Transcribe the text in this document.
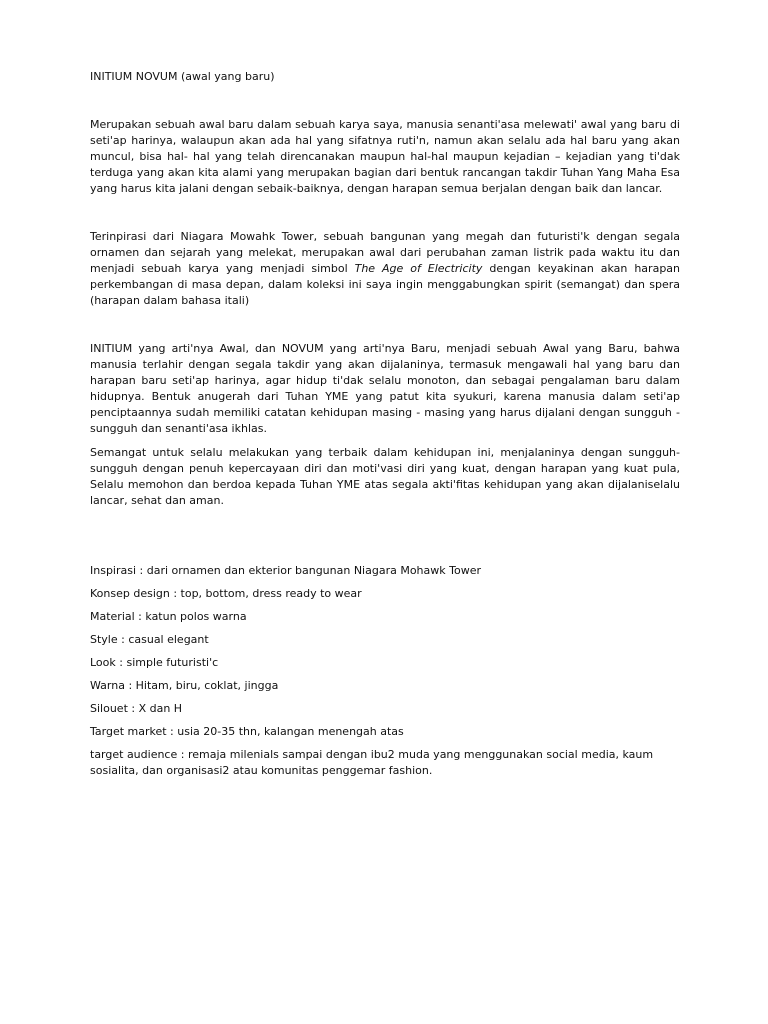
INITIUM NOVUM (awal yang baru)

Merupakan sebuah awal baru dalam sebuah karya saya, manusia senanti'asa melewati' awal yang baru di seti'ap harinya, walaupun akan ada hal yang sifatnya ruti'n, namun akan selalu ada hal baru yang akan muncul, bisa hal- hal yang telah direncanakan maupun hal-hal maupun kejadian – kejadian yang ti'dak terduga yang akan kita alami yang merupakan bagian dari bentuk rancangan takdir Tuhan Yang Maha Esa yang harus kita jalani dengan sebaik-baiknya, dengan harapan semua berjalan dengan baik dan lancar.

Terinpirasi dari Niagara Mowahk Tower, sebuah bangunan yang megah dan futuristi'k dengan segala ornamen dan sejarah yang melekat, merupakan awal dari perubahan zaman listrik pada waktu itu dan menjadi sebuah karya yang menjadi simbol The Age of Electricity dengan keyakinan akan harapan perkembangan di masa depan, dalam koleksi ini saya ingin menggabungkan spirit (semangat) dan spera (harapan dalam bahasa itali)

INITIUM yang arti'nya Awal, dan NOVUM yang arti'nya Baru, menjadi sebuah Awal yang Baru, bahwa manusia terlahir dengan segala takdir yang akan dijalaninya, termasuk mengawali hal yang baru dan harapan baru seti'ap harinya, agar hidup ti'dak selalu monoton, dan sebagai pengalaman baru dalam hidupnya. Bentuk anugerah dari Tuhan YME yang patut kita syukuri, karena manusia dalam seti'ap penciptaannya sudah memiliki catatan kehidupan masing - masing yang harus dijalani dengan sungguh - sungguh dan senanti'asa ikhlas.

Semangat untuk selalu melakukan yang terbaik dalam kehidupan ini, menjalaninya dengan sungguh-sungguh dengan penuh kepercayaan diri dan moti'vasi diri yang kuat, dengan harapan yang kuat pula, Selalu memohon dan berdoa kepada Tuhan YME atas segala akti'fitas kehidupan yang akan dijalaniselalu lancar, sehat dan aman.

Inspirasi : dari ornamen dan ekterior bangunan Niagara Mohawk Tower

Konsep design : top, bottom, dress ready to wear

Material : katun polos warna

Style : casual elegant

Look : simple futuristi'c

Warna : Hitam, biru, coklat, jingga

Silouet : X dan H

Target market : usia 20-35 thn, kalangan menengah atas

target audience : remaja milenials sampai dengan ibu2 muda yang menggunakan social media, kaum sosialita, dan organisasi2 atau komunitas penggemar fashion.
